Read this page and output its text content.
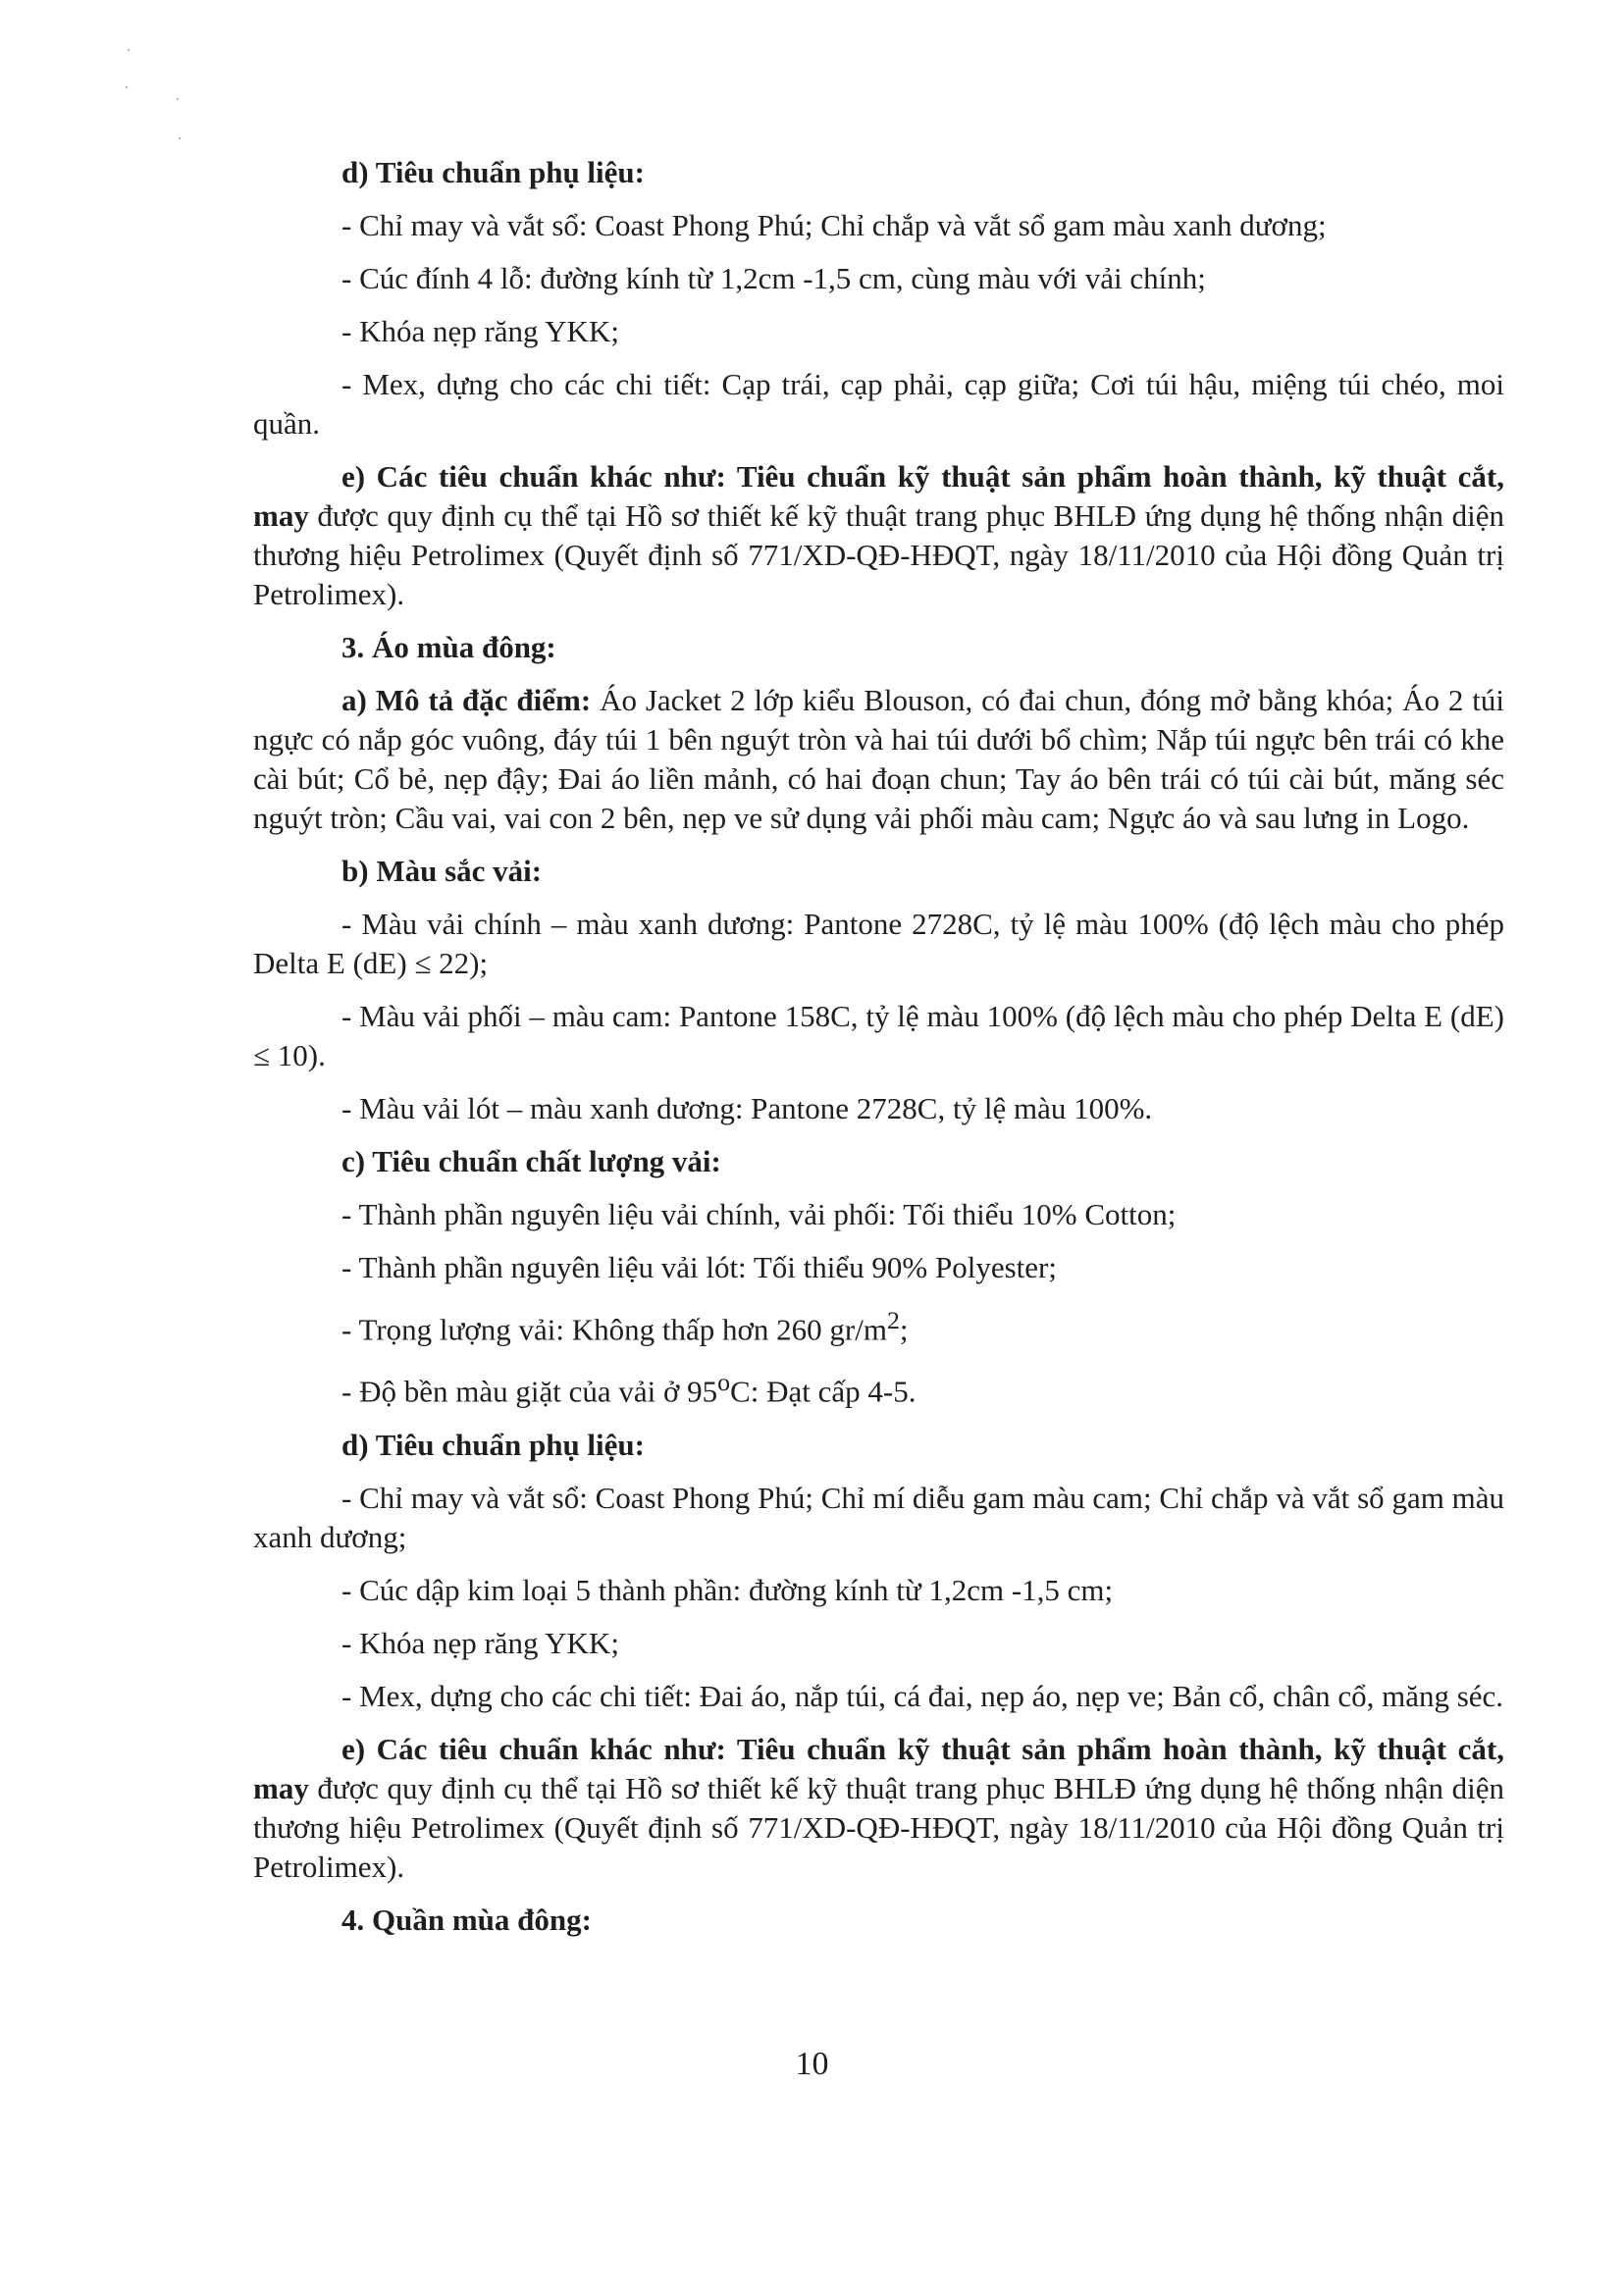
d) Tiêu chuẩn phụ liệu:

- Chỉ may và vắt sổ: Coast Phong Phú; Chỉ chắp và vắt sổ gam màu xanh dương;

- Cúc đính 4 lỗ: đường kính từ 1,2cm -1,5 cm, cùng màu với vải chính;

- Khóa nẹp răng YKK;

- Mex, dựng cho các chi tiết: Cạp trái, cạp phải, cạp giữa; Cơi túi hậu, miệng túi chéo, moi quần.

e) Các tiêu chuẩn khác như: Tiêu chuẩn kỹ thuật sản phẩm hoàn thành, kỹ thuật cắt, may được quy định cụ thể tại Hồ sơ thiết kế kỹ thuật trang phục BHLĐ ứng dụng hệ thống nhận diện thương hiệu Petrolimex (Quyết định số 771/XD-QĐ-HĐQT, ngày 18/11/2010 của Hội đồng Quản trị Petrolimex).

3. Áo mùa đông:

a) Mô tả đặc điểm: Áo Jacket 2 lớp kiểu Blouson, có đai chun, đóng mở bằng khóa; Áo 2 túi ngực có nắp góc vuông, đáy túi 1 bên nguýt tròn và hai túi dưới bổ chìm; Nắp túi ngực bên trái có khe cài bút; Cổ bẻ, nẹp đậy; Đai áo liền mảnh, có hai đoạn chun; Tay áo bên trái có túi cài bút, măng séc nguýt tròn; Cầu vai, vai con 2 bên, nẹp ve sử dụng vải phối màu cam; Ngực áo và sau lưng in Logo.

b) Màu sắc vải:

- Màu vải chính – màu xanh dương: Pantone 2728C, tỷ lệ màu 100% (độ lệch màu cho phép Delta E (dE) ≤ 22);

- Màu vải phối – màu cam: Pantone 158C, tỷ lệ màu 100% (độ lệch màu cho phép Delta E (dE) ≤ 10).

- Màu vải lót – màu xanh dương: Pantone 2728C, tỷ lệ màu 100%.

c) Tiêu chuẩn chất lượng vải:

- Thành phần nguyên liệu vải chính, vải phối: Tối thiểu 10% Cotton;

- Thành phần nguyên liệu vải lót: Tối thiểu 90% Polyester;

- Trọng lượng vải: Không thấp hơn 260 $gr/m^2$;

- Độ bền màu giặt của vải ở 95$^o$C: Đạt cấp 4-5.

d) Tiêu chuẩn phụ liệu:

- Chỉ may và vắt sổ: Coast Phong Phú; Chỉ mí diễu gam màu cam; Chỉ chắp và vắt sổ gam màu xanh dương;

- Cúc dập kim loại 5 thành phần: đường kính từ 1,2cm -1,5 cm;

- Khóa nẹp răng YKK;

- Mex, dựng cho các chi tiết: Đai áo, nắp túi, cá đai, nẹp áo, nẹp ve; Bản cổ, chân cổ, măng séc.

e) Các tiêu chuẩn khác như: Tiêu chuẩn kỹ thuật sản phẩm hoàn thành, kỹ thuật cắt, may được quy định cụ thể tại Hồ sơ thiết kế kỹ thuật trang phục BHLĐ ứng dụng hệ thống nhận diện thương hiệu Petrolimex (Quyết định số 771/XD-QĐ-HĐQT, ngày 18/11/2010 của Hội đồng Quản trị Petrolimex).

4. Quần mùa đông:

10
